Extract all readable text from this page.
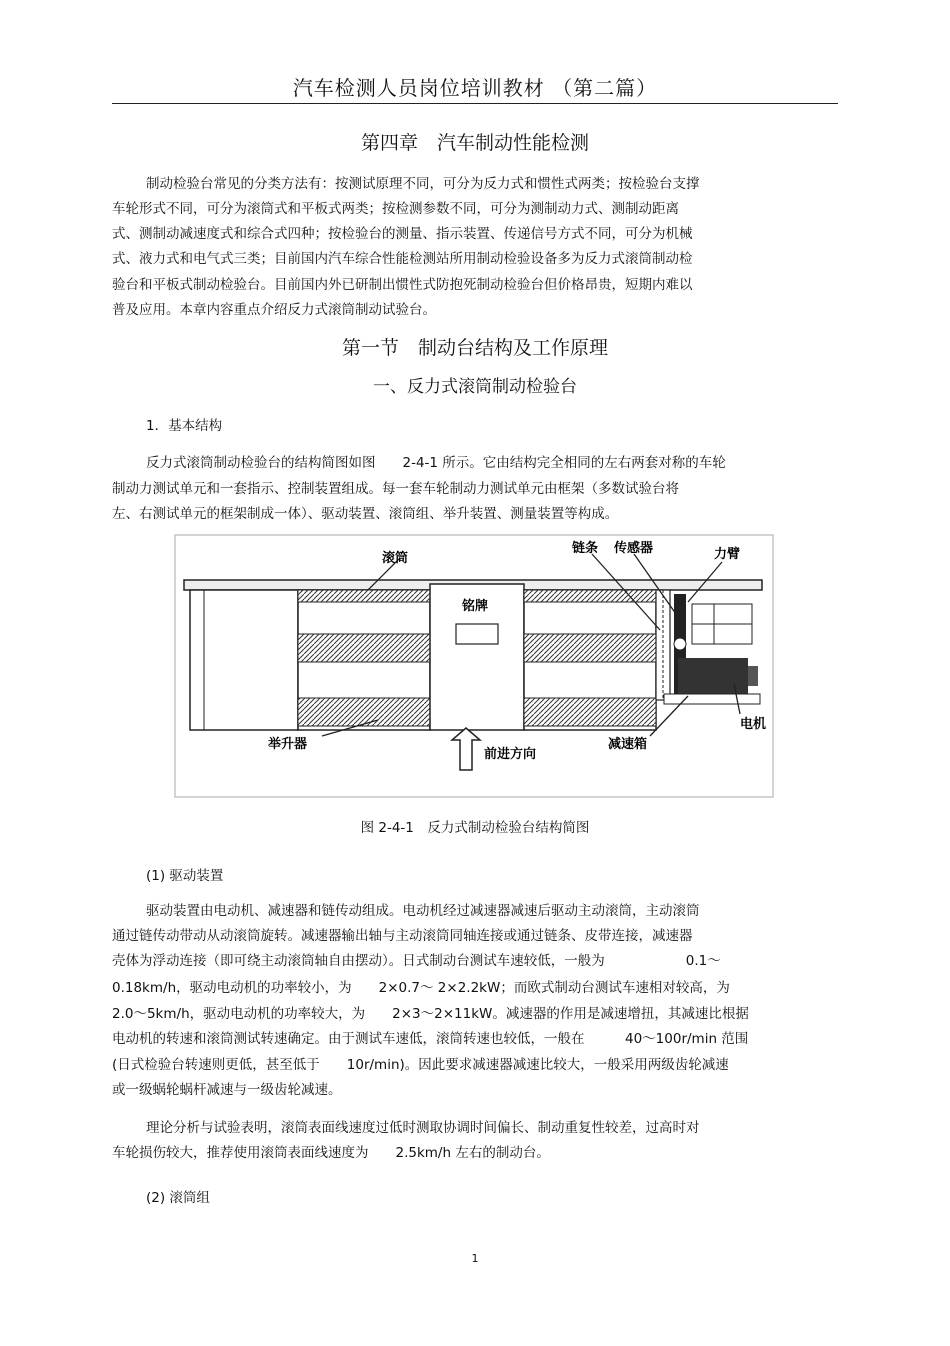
汽车检测人员岗位培训教材 （第二篇）
第四章　汽车制动性能检测
制动检验台常见的分类方法有：按测试原理不同，可分为反力式和惯性式两类；按检验台支撑
车轮形式不同，可分为滚筒式和平板式两类；按检测参数不同，可分为测制动力式、测制动距离
式、测制动减速度式和综合式四种；按检验台的测量、指示装置、传递信号方式不同，可分为机械
式、液力式和电气式三类；目前国内汽车综合性能检测站所用制动检验设备多为反力式滚筒制动检
验台和平板式制动检验台。目前国内外已研制出惯性式防抱死制动检验台但价格昂贵，短期内难以
普及应用。本章内容重点介绍反力式滚筒制动试验台。
第一节　制动台结构及工作原理
一、反力式滚筒制动检验台
1．基本结构
反力式滚筒制动检验台的结构简图如图　　2-4-1 所示。它由结构完全相同的左右两套对称的车轮
制动力测试单元和一套指示、控制装置组成。每一套车轮制动力测试单元由框架（多数试验台将
左、右测试单元的框架制成一体）、驱动装置、滚筒组、举升装置、测量装置等构成。
滚筒
链条 传感器	力臂
铭牌
电机
举升器
前进方向
减速箱
图 2-4-1　反力式制动检验台结构简图
(1) 驱动装置
驱动装置由电动机、减速器和链传动组成。电动机经过减速器减速后驱动主动滚筒，主动滚筒
通过链传动带动从动滚筒旋转。减速器输出轴与主动滚筒同轴连接或通过链条、皮带连接，减速器
壳体为浮动连接（即可绕主动滚筒轴自由摆动）。日式制动台测试车速较低，一般为　　　　　　0.1～
0.18km/h，驱动电动机的功率较小，为　　2×0.7～ 2×2.2kW；而欧式制动台测试车速相对较高，为
2.0～5km/h，驱动电动机的功率较大，为　　2×3～2×11kW。减速器的作用是减速增扭，其减速比根据
电动机的转速和滚筒测试转速确定。由于测试车速低，滚筒转速也较低，一般在　　　40～100r/min 范围
(日式检验台转速则更低，甚至低于　　10r/min)。因此要求减速器减速比较大，一般采用两级齿轮减速
或一级蜗轮蜗杆减速与一级齿轮减速。
理论分析与试验表明，滚筒表面线速度过低时测取协调时间偏长、制动重复性较差，过高时对
车轮损伤较大，推荐使用滚筒表面线速度为　　2.5km/h 左右的制动台。
(2) 滚筒组
1
